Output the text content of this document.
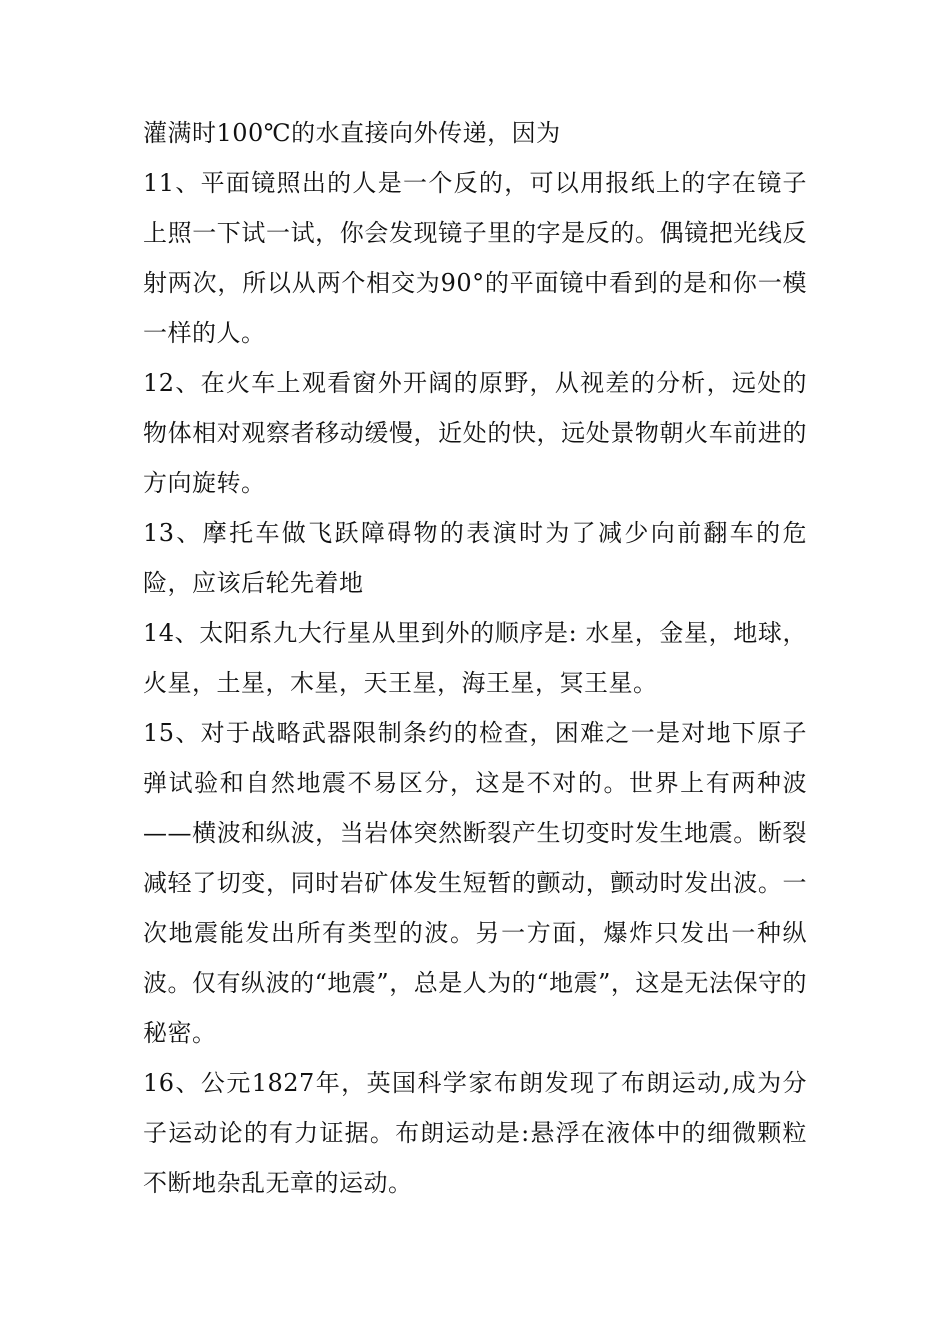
灌满时100℃的水直接向外传递，因为

11、平面镜照出的人是一个反的，可以用报纸上的字在镜子上照一下试一试，你会发现镜子里的字是反的。偶镜把光线反射两次，所以从两个相交为90°的平面镜中看到的是和你一模一样的人。

12、在火车上观看窗外开阔的原野，从视差的分析，远处的物体相对观察者移动缓慢，近处的快，远处景物朝火车前进的方向旋转。

13、摩托车做飞跃障碍物的表演时为了减少向前翻车的危险，应该后轮先着地

14、太阳系九大行星从里到外的顺序是: 水星，金星，地球，火星，土星，木星，天王星，海王星，冥王星。

15、对于战略武器限制条约的检查，困难之一是对地下原子弹试验和自然地震不易区分，这是不对的。世界上有两种波——横波和纵波，当岩体突然断裂产生切变时发生地震。断裂减轻了切变，同时岩矿体发生短暂的颤动，颤动时发出波。一次地震能发出所有类型的波。另一方面，爆炸只发出一种纵波。仅有纵波的“地震”，总是人为的“地震”，这是无法保守的秘密。

16、公元1827年，英国科学家布朗发现了布朗运动,成为分子运动论的有力证据。布朗运动是:悬浮在液体中的细微颗粒不断地杂乱无章的运动。
